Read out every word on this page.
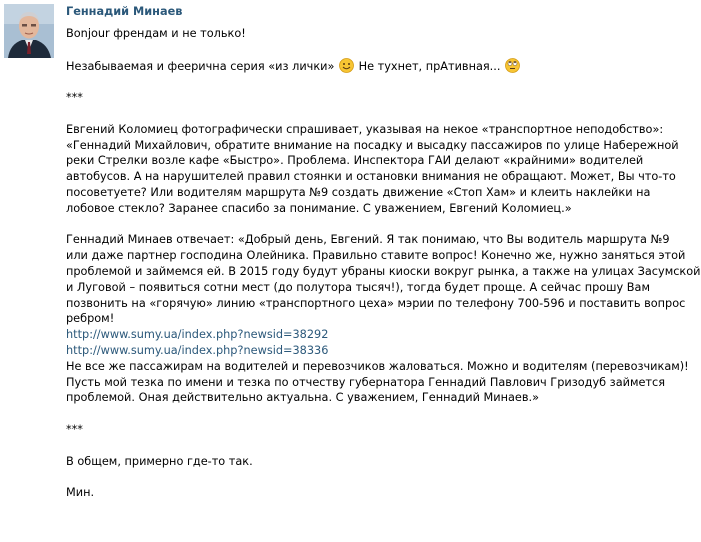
Геннадий Минаев
Bonjour френдам и не только!
Незабываемая и феерична серия «из лички» Не тухнет, прАтивная...
***
Евгений Коломиец фотографически спрашивает, указывая на некое «транспортное неподобство»:
«Геннадий Михайлович, обратите внимание на посадку и высадку пассажиров по улице Набережной
реки Стрелки возле кафе «Быстро». Проблема. Инспектора ГАИ делают «крайними» водителей
автобусов. А на нарушителей правил стоянки и остановки внимания не обращают. Может, Вы что-то
посоветуете? Или водителям маршрута №9 создать движение «Стоп Хам» и клеить наклейки на
лобовое стекло? Заранее спасибо за понимание. С уважением, Евгений Коломиец.»
Геннадий Минаев отвечает: «Добрый день, Евгений. Я так понимаю, что Вы водитель маршрута №9
или даже партнер господина Олейника. Правильно ставите вопрос! Конечно же, нужно заняться этой
проблемой и займемся ей. В 2015 году будут убраны киоски вокруг рынка, а также на улицах Засумской
и Луговой – появиться сотни мест (до полутора тысяч!), тогда будет проще. А сейчас прошу Вам
позвонить на «горячую» линию «транспортного цеха» мэрии по телефону 700-596 и поставить вопрос
ребром!
http://www.sumy.ua/index.php?newsid=38292
http://www.sumy.ua/index.php?newsid=38336
Не все же пассажирам на водителей и перевозчиков жаловаться. Можно и водителям (перевозчикам)!
Пусть мой тезка по имени и тезка по отчеству губернатора Геннадий Павлович Гризодуб займется
проблемой. Оная действительно актуальна. С уважением, Геннадий Минаев.»
***
В общем, примерно где-то так.
Мин.
